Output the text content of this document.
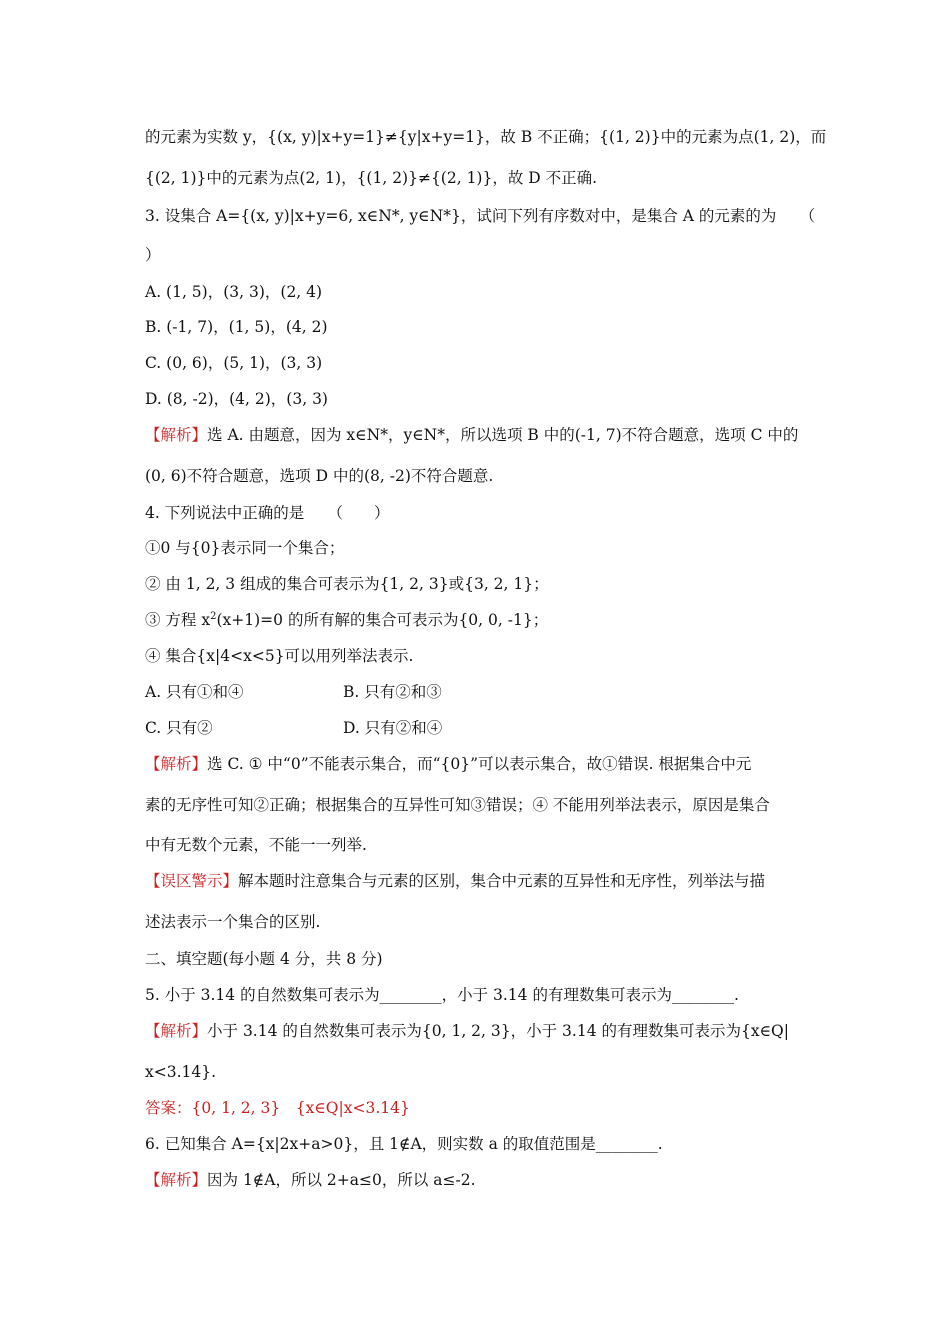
的元素为实数 y，{(x, y)|x+y=1}≠{y|x+y=1}，故 B 不正确；{(1, 2)}中的元素为点(1, 2)，而
{(2, 1)}中的元素为点(2, 1)，{(1, 2)}≠{(2, 1)}，故 D 不正确.
3. 设集合 A={(x, y)|x+y=6, x∈N*, y∈N*}，试问下列有序数对中，是集合 A 的元素的为　　（
）
A. (1, 5)，(3, 3)，(2, 4)
B. (-1, 7)，(1, 5)，(4, 2)
C. (0, 6)，(5, 1)，(3, 3)
D. (8, -2)，(4, 2)，(3, 3)
【解析】选 A. 由题意，因为 x∈N*，y∈N*，所以选项 B 中的(-1, 7)不符合题意，选项 C 中的
(0, 6)不符合题意，选项 D 中的(8, -2)不符合题意.
4. 下列说法中正确的是　　（　　）
①0 与{0}表示同一个集合；
② 由 1, 2, 3 组成的集合可表示为{1, 2, 3}或{3, 2, 1}；
③ 方程 $x^2(x+1)=0$ 的所有解的集合可表示为{0, 0, -1}；
④ 集合{x|4<x<5}可以用列举法表示.
A. 只有①和④	B. 只有②和③
C. 只有②	D. 只有②和④
【解析】选 C. ① 中“0”不能表示集合，而“{0}”可以表示集合，故①错误. 根据集合中元
素的无序性可知②正确；根据集合的互异性可知③错误；④ 不能用列举法表示，原因是集合
中有无数个元素，不能一一列举.
【误区警示】解本题时注意集合与元素的区别，集合中元素的互异性和无序性，列举法与描
述法表示一个集合的区别.
二、填空题(每小题 4 分，共 8 分)
5. 小于 3.14 的自然数集可表示为________，小于 3.14 的有理数集可表示为________.
【解析】小于 3.14 的自然数集可表示为{0, 1, 2, 3}，小于 3.14 的有理数集可表示为{x∈Q|
x<3.14}.
答案：{0, 1, 2, 3}　{x∈Q|x<3.14}
6. 已知集合 A={x|2x+a>0}，且 1∉A，则实数 a 的取值范围是________.
【解析】因为 1∉A，所以 2+a≤0，所以 a≤-2.
